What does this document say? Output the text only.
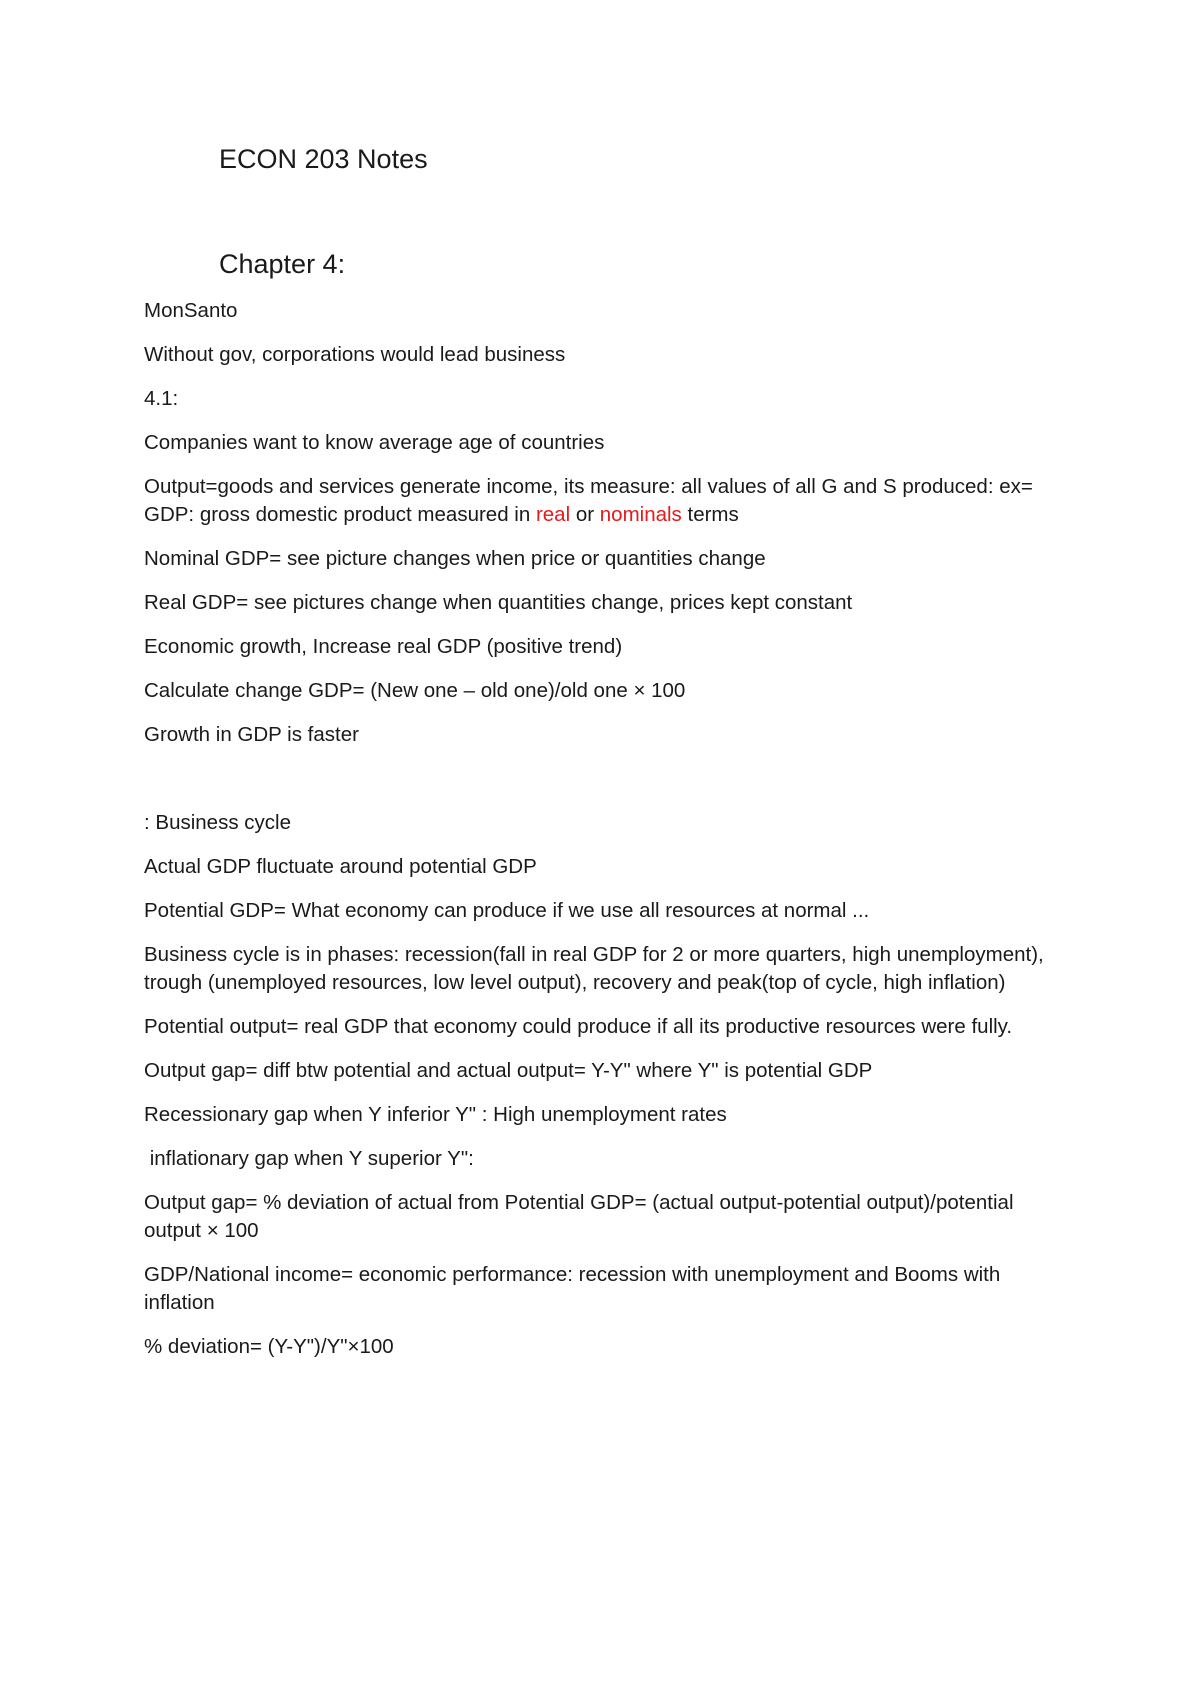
ECON 203 Notes
Chapter 4:

MonSanto

Without gov, corporations would lead business

4.1:

Companies want to know average age of countries

Output=goods and services generate income, its measure: all values of all G and S produced: ex= GDP: gross domestic product measured in real or nominals terms

Nominal GDP= see picture changes when price or quantities change

Real GDP= see pictures change when quantities change, prices kept constant

Economic growth, Increase real GDP (positive trend)

Calculate change GDP= (New one – old one)/old one × 100

Growth in GDP is faster

: Business cycle

Actual GDP fluctuate around potential GDP

Potential GDP= What economy can produce if we use all resources at normal ...

Business cycle is in phases: recession(fall in real GDP for 2 or more quarters, high unemployment), trough (unemployed resources, low level output), recovery and peak(top of cycle, high inflation)

Potential output= real GDP that economy could produce if all its productive resources were fully.

Output gap= diff btw potential and actual output= Y-Y" where Y" is potential GDP

Recessionary gap when Y inferior Y" : High unemployment rates

inflationary gap when Y superior Y":

Output gap= % deviation of actual from Potential GDP= (actual output-potential output)/potential output × 100

GDP/National income= economic performance: recession with unemployment and Booms with inflation

% deviation= (Y-Y")/Y"×100
